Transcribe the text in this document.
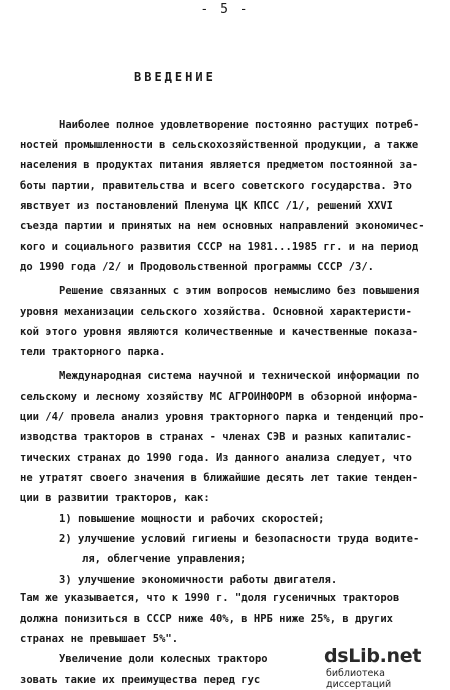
- 5 -
ВВЕДЕНИЕ
Наиболее полное удовлетворение постоянно растущих потреб-
ностей промышленности в сельскохозяйственной продукции, а также
населения в продуктах питания является предметом постоянной за-
боты партии, правительства и всего советского государства. Это
явствует из постановлений Пленума ЦК КПСС /1/, решений XXVI
съезда партии и принятых на нем основных направлений экономичес-
кого и социального развития СССР на 1981...1985 гг. и на период
до 1990 года /2/ и Продовольственной программы СССР /3/.
Решение связанных с этим вопросов немыслимо без повышения
уровня механизации сельского хозяйства. Основной характеристи-
кой этого уровня являются количественные и качественные показа-
тели тракторного парка.
Международная система научной и технической информации по
сельскому и лесному хозяйству МС АГРОИНФОРМ в обзорной информа-
ции /4/ провела анализ уровня тракторного парка и тенденций про-
изводства тракторов в странах - членах СЭВ и разных капиталис-
тических странах до 1990 года. Из данного анализа следует, что
не утратят своего значения в ближайшие десять лет такие тенден-
ции в развитии тракторов, как:
1) повышение мощности и рабочих скоростей;
2) улучшение условий гигиены и безопасности труда водите-
ля, облегчение управления;
3) улучшение экономичности работы двигателя.
Там же указывается, что к 1990 г. "доля гусеничных тракторов
должна понизиться в СССР ниже 40%, в НРБ ниже 25%, в других
странах не превышает 5%".
Увеличение доли колесных тракторо
зовать такие их преимущества перед гус
dsLib.net
библиотека диссертаций
